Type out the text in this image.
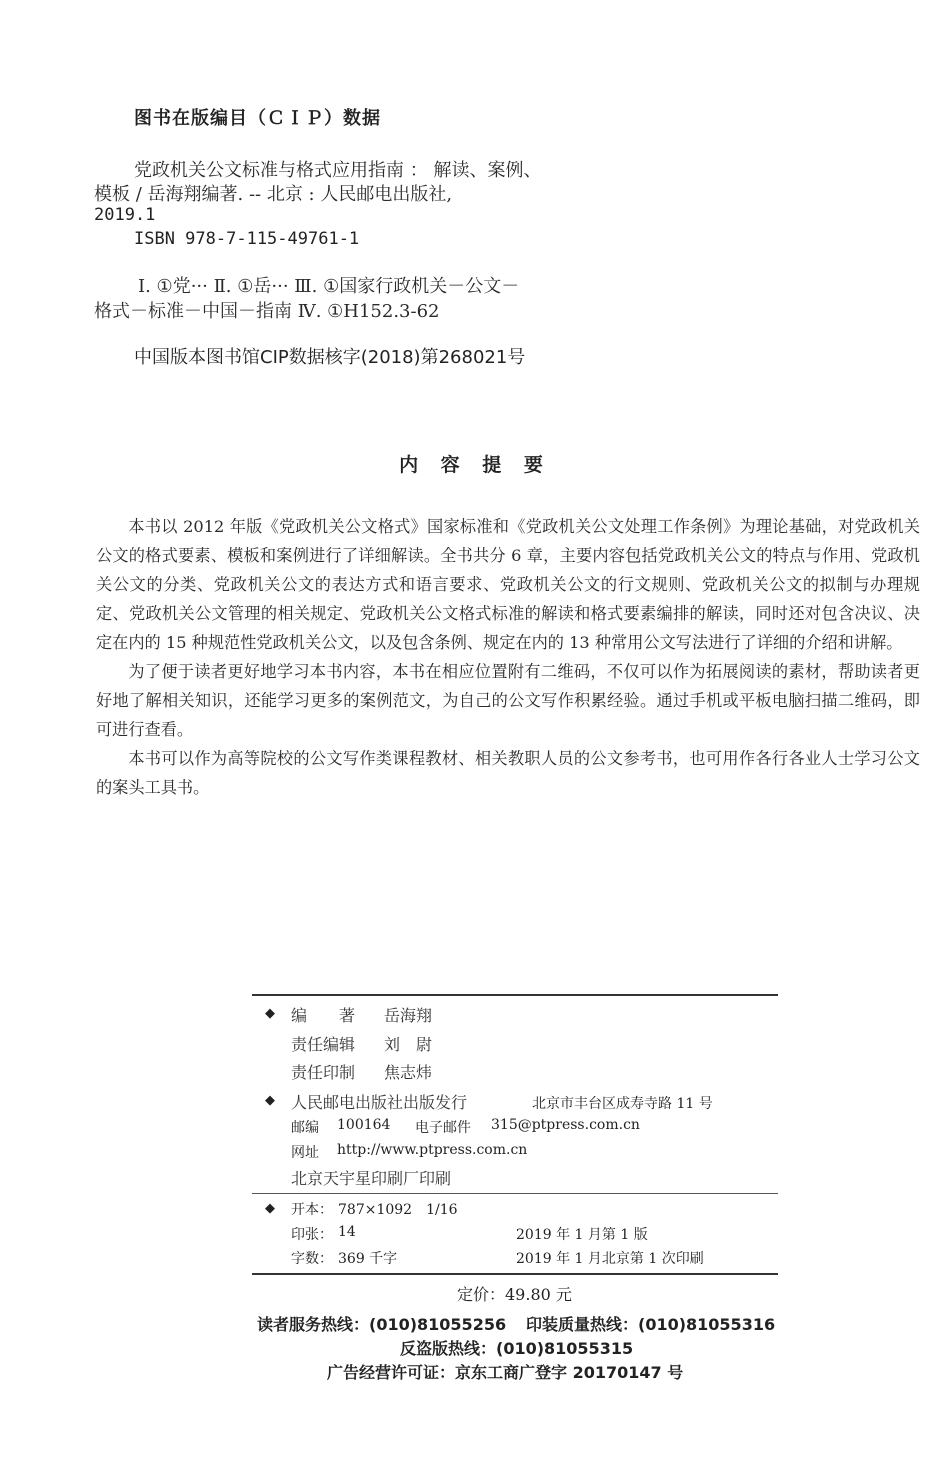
图书在版编目（ＣＩＰ）数据
党政机关公文标准与格式应用指南 ： 解读、案例、
模板 / 岳海翔编著. -- 北京 : 人民邮电出版社,
2019.1
ISBN 978-7-115-49761-1
Ⅰ. ①党··· Ⅱ. ①岳··· Ⅲ. ①国家行政机关－公文－
格式－标准－中国－指南 Ⅳ. ①H152.3-62
中国版本图书馆CIP数据核字(2018)第268021号
内 容 提 要

本书以 2012 年版《党政机关公文格式》国家标准和《党政机关公文处理工作条例》为理论基础，对党政机关公文的格式要素、模板和案例进行了详细解读。全书共分 6 章，主要内容包括党政机关公文的特点与作用、党政机关公文的分类、党政机关公文的表达方式和语言要求、党政机关公文的行文规则、党政机关公文的拟制与办理规定、党政机关公文管理的相关规定、党政机关公文格式标准的解读和格式要素编排的解读，同时还对包含决议、决定在内的 15 种规范性党政机关公文，以及包含条例、规定在内的 13 种常用公文写法进行了详细的介绍和讲解。

为了便于读者更好地学习本书内容，本书在相应位置附有二维码，不仅可以作为拓展阅读的素材，帮助读者更好地了解相关知识，还能学习更多的案例范文，为自己的公文写作积累经验。通过手机或平板电脑扫描二维码，即可进行查看。

本书可以作为高等院校的公文写作类课程教材、相关教职人员的公文参考书，也可用作各行各业人士学习公文的案头工具书。

◆ 编　　著 岳海翔
责任编辑 刘　尉
责任印制 焦志炜
◆ 人民邮电出版社出版发行	北京市丰台区成寿寺路 11 号
邮编 100164 电子邮件 315@ptpress.com.cn
网址 http://www.ptpress.com.cn
北京天宇星印刷厂印刷
◆ 开本： 787×1092　1/16
印张： 14	2019 年 1 月第 1 版
字数： 369 千字	2019 年 1 月北京第 1 次印刷
定价：49.80 元
读者服务热线：(010)81055256 印装质量热线：(010)81055316
反盗版热线：(010)81055315
广告经营许可证：京东工商广登字 20170147 号
